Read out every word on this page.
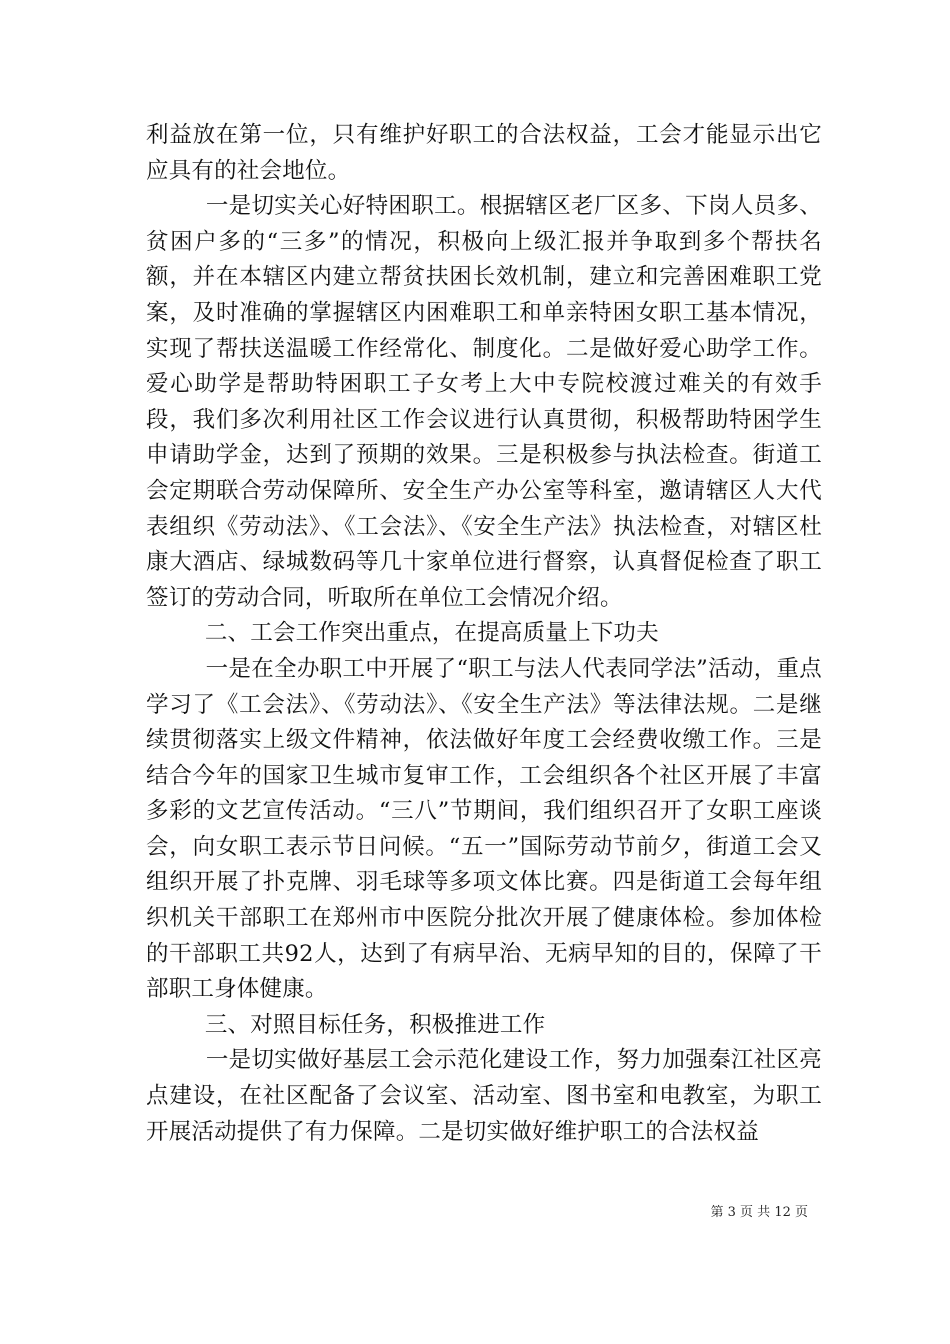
利益放在第一位，只有维护好职工的合法权益，工会才能显示出它应具有的社会地位。

一是切实关心好特困职工。根据辖区老厂区多、下岗人员多、贫困户多的“三多”的情况，积极向上级汇报并争取到多个帮扶名额，并在本辖区内建立帮贫扶困长效机制，建立和完善困难职工党案，及时准确的掌握辖区内困难职工和单亲特困女职工基本情况，实现了帮扶送温暖工作经常化、制度化。二是做好爱心助学工作。爱心助学是帮助特困职工子女考上大中专院校渡过难关的有效手段，我们多次利用社区工作会议进行认真贯彻，积极帮助特困学生申请助学金，达到了预期的效果。三是积极参与执法检查。街道工会定期联合劳动保障所、安全生产办公室等科室，邀请辖区人大代表组织《劳动法》、《工会法》、《安全生产法》执法检查，对辖区杜康大酒店、绿城数码等几十家单位进行督察，认真督促检查了职工签订的劳动合同，听取所在单位工会情况介绍。

二、工会工作突出重点，在提高质量上下功夫

一是在全办职工中开展了“职工与法人代表同学法”活动，重点学习了《工会法》、《劳动法》、《安全生产法》等法律法规。二是继续贯彻落实上级文件精神，依法做好年度工会经费收缴工作。三是结合今年的国家卫生城市复审工作，工会组织各个社区开展了丰富多彩的文艺宣传活动。“三八”节期间，我们组织召开了女职工座谈会，向女职工表示节日问候。“五一”国际劳动节前夕，街道工会又组织开展了扑克牌、羽毛球等多项文体比赛。四是街道工会每年组织机关干部职工在郑州市中医院分批次开展了健康体检。参加体检的干部职工共92人，达到了有病早治、无病早知的目的，保障了干部职工身体健康。

三、对照目标任务，积极推进工作

一是切实做好基层工会示范化建设工作，努力加强秦江社区亮点建设，在社区配备了会议室、活动室、图书室和电教室，为职工开展活动提供了有力保障。二是切实做好维护职工的合法权益

第 3 页 共 12 页
